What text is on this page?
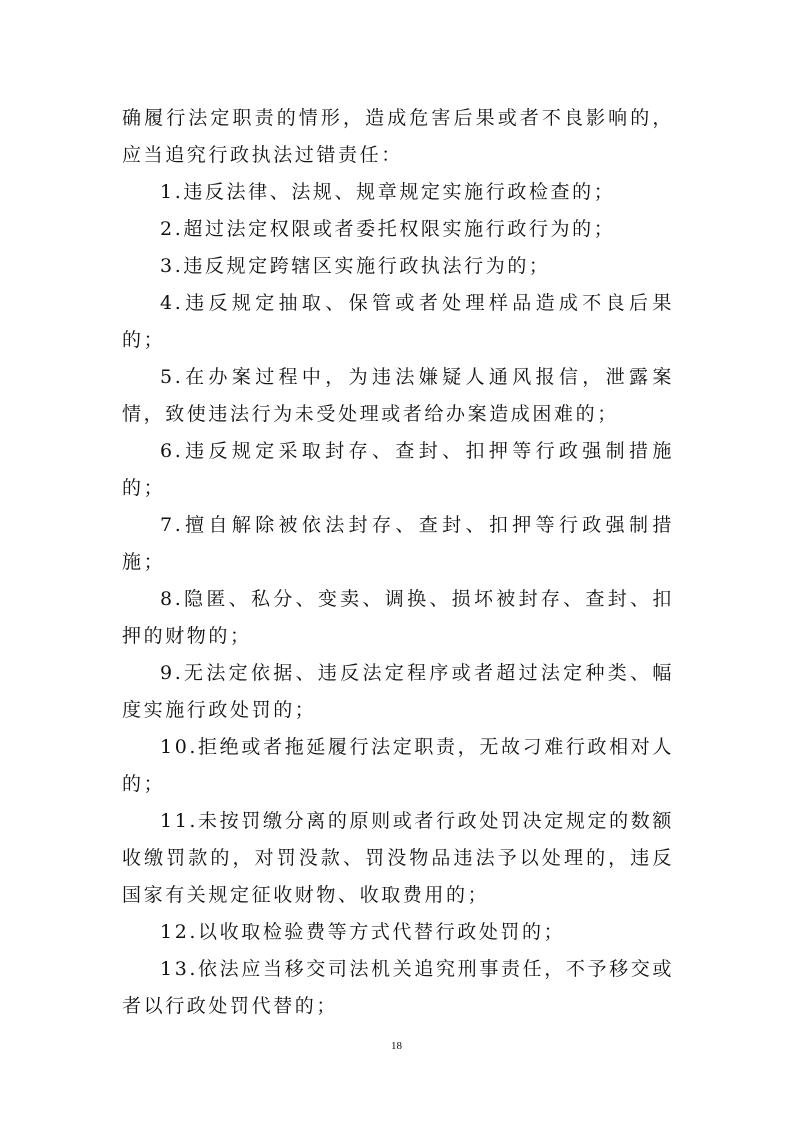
确履行法定职责的情形，造成危害后果或者不良影响的，应当追究行政执法过错责任：

1.违反法律、法规、规章规定实施行政检查的；

2.超过法定权限或者委托权限实施行政行为的；

3.违反规定跨辖区实施行政执法行为的；

4.违反规定抽取、保管或者处理样品造成不良后果的；

5.在办案过程中，为违法嫌疑人通风报信，泄露案情，致使违法行为未受处理或者给办案造成困难的；

6.违反规定采取封存、查封、扣押等行政强制措施的；

7.擅自解除被依法封存、查封、扣押等行政强制措施；

8.隐匿、私分、变卖、调换、损坏被封存、查封、扣押的财物的；

9.无法定依据、违反法定程序或者超过法定种类、幅度实施行政处罚的；

10.拒绝或者拖延履行法定职责，无故刁难行政相对人的；

11.未按罚缴分离的原则或者行政处罚决定规定的数额收缴罚款的，对罚没款、罚没物品违法予以处理的，违反国家有关规定征收财物、收取费用的；

12.以收取检验费等方式代替行政处罚的；

13.依法应当移交司法机关追究刑事责任，不予移交或者以行政处罚代替的；

18
